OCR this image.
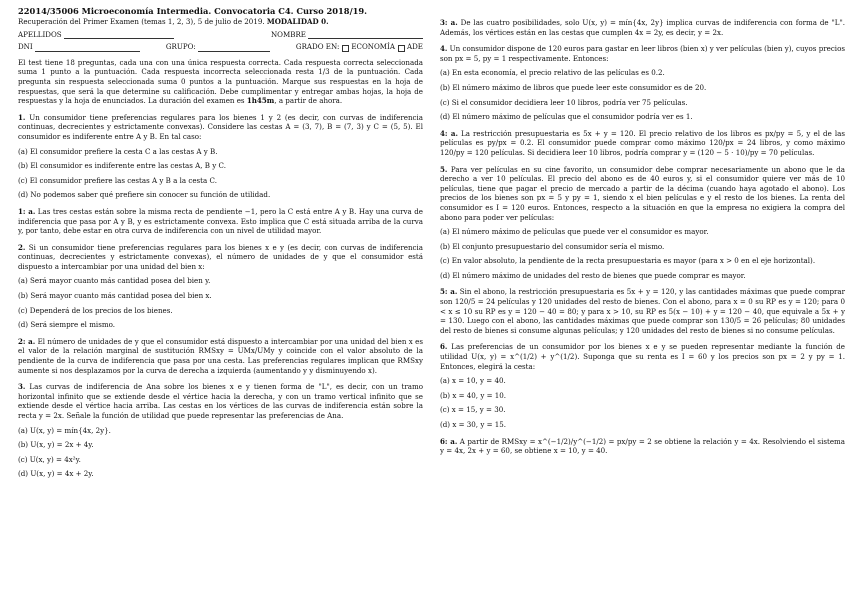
22014/35006 Microeconomía Intermedia. Convocatoria C4. Curso 2018/19.
Recuperación del Primer Examen (temas 1, 2, 3), 5 de julio de 2019. MODALIDAD 0.
APELLIDOS	NOMBRE
DNI	GRUPO:	GRADO EN: ECONOMÍA ADE

El test tiene 18 preguntas, cada una con una única respuesta correcta. Cada respuesta correcta seleccionada suma 1 punto a la puntuación. Cada respuesta incorrecta seleccionada resta 1/3 de la puntuación. Cada pregunta sin respuesta seleccionada suma 0 puntos a la puntuación. Marque sus respuestas en la hoja de respuestas, que será la que determine su calificación. Debe cumplimentar y entregar ambas hojas, la hoja de respuestas y la hoja de enunciados. La duración del examen es 1h45m, a partir de ahora.

1. Un consumidor tiene preferencias regulares para los bienes 1 y 2 (es decir, con curvas de indiferencia continuas, decrecientes y estrictamente convexas). Considere las cestas A = (3, 7), B = (7, 3) y C = (5, 5). El consumidor es indiferente entre A y B. En tal caso:

(a) El consumidor prefiere la cesta C a las cestas A y B.
(b) El consumidor es indiferente entre las cestas A, B y C.
(c) El consumidor prefiere las cestas A y B a la cesta C.
(d) No podemos saber qué prefiere sin conocer su función de utilidad.

1: a. Las tres cestas están sobre la misma recta de pendiente −1, pero la C está entre A y B. Hay una curva de indiferencia que pasa por A y B, y es estrictamente convexa. Esto implica que C está situada arriba de la curva y, por tanto, debe estar en otra curva de indiferencia con un nivel de utilidad mayor.

2. Si un consumidor tiene preferencias regulares para los bienes x e y (es decir, con curvas de indiferencia continuas, decrecientes y estrictamente convexas), el número de unidades de y que el consumidor está dispuesto a intercambiar por una unidad del bien x:

(a) Será mayor cuanto más cantidad posea del bien y.
(b) Será mayor cuanto más cantidad posea del bien x.
(c) Dependerá de los precios de los bienes.
(d) Será siempre el mismo.

2: a. El número de unidades de y que el consumidor está dispuesto a intercambiar por una unidad del bien x es el valor de la relación marginal de sustitución RMSxy = UMx/UMy y coincide con el valor absoluto de la pendiente de la curva de indiferencia que pasa por una cesta. Las preferencias regulares implican que RMSxy aumente si nos desplazamos por la curva de derecha a izquierda (aumentando y y disminuyendo x).

3. Las curvas de indiferencia de Ana sobre los bienes x e y tienen forma de "L", es decir, con un tramo horizontal infinito que se extiende desde el vértice hacia la derecha, y con un tramo vertical infinito que se extiende desde el vértice hacia arriba. Las cestas en los vértices de las curvas de indiferencia están sobre la recta y = 2x. Señale la función de utilidad que puede representar las preferencias de Ana.

(a) U(x, y) = mín{4x, 2y}.
(b) U(x, y) = 2x + 4y.
(c) U(x, y) = 4x²y.
(d) U(x, y) = 4x + 2y.

3: a. De las cuatro posibilidades, solo U(x, y) = mín{4x, 2y} implica curvas de indiferencia con forma de "L". Además, los vértices están en las cestas que cumplen 4x = 2y, es decir, y = 2x.

4. Un consumidor dispone de 120 euros para gastar en leer libros (bien x) y ver películas (bien y), cuyos precios son px = 5, py = 1 respectivamente. Entonces:

(a) En esta economía, el precio relativo de las películas es 0.2.
(b) El número máximo de libros que puede leer este consumidor es de 20.
(c) Si el consumidor decidiera leer 10 libros, podría ver 75 películas.
(d) El número máximo de películas que el consumidor podría ver es 1.

4: a. La restricción presupuestaria es 5x + y = 120. El precio relativo de los libros es px/py = 5, y el de las películas es py/px = 0.2. El consumidor puede comprar como máximo 120/px = 24 libros, y como máximo 120/py = 120 películas. Si decidiera leer 10 libros, podría comprar y = (120 − 5 · 10)/py = 70 películas.

5. Para ver películas en su cine favorito, un consumidor debe comprar necesariamente un abono que le da derecho a ver 10 películas. El precio del abono es de 40 euros y, si el consumidor quiere ver más de 10 películas, tiene que pagar el precio de mercado a partir de la décima (cuando haya agotado el abono). Los precios de los bienes son px = 5 y py = 1, siendo x el bien películas e y el resto de los bienes. La renta del consumidor es I = 120 euros. Entonces, respecto a la situación en que la empresa no exigiera la compra del abono para poder ver películas:

(a) El número máximo de películas que puede ver el consumidor es mayor.
(b) El conjunto presupuestario del consumidor sería el mismo.
(c) En valor absoluto, la pendiente de la recta presupuestaria es mayor (para x > 0 en el eje horizontal).
(d) El número máximo de unidades del resto de bienes que puede comprar es mayor.

5: a. Sin el abono, la restricción presupuestaria es 5x + y = 120, y las cantidades máximas que puede comprar son 120/5 = 24 películas y 120 unidades del resto de bienes. Con el abono, para x = 0 su RP es y = 120; para 0 < x ≤ 10 su RP es y = 120 − 40 = 80; y para x > 10, su RP es 5(x − 10) + y = 120 − 40, que equivale a 5x + y = 130. Luego con el abono, las cantidades máximas que puede comprar son 130/5 = 26 películas; 80 unidades del resto de bienes si consume algunas películas; y 120 unidades del resto de bienes si no consume películas.

6. Las preferencias de un consumidor por los bienes x e y se pueden representar mediante la función de utilidad U(x, y) = x^(1/2) + y^(1/2). Suponga que su renta es I = 60 y los precios son px = 2 y py = 1. Entonces, elegirá la cesta:

(a) x = 10, y = 40.
(b) x = 40, y = 10.
(c) x = 15, y = 30.
(d) x = 30, y = 15.

6: a. A partir de RMSxy = x^(−1/2)/y^(−1/2) = px/py = 2 se obtiene la relación y = 4x. Resolviendo el sistema y = 4x, 2x + y = 60, se obtiene x = 10, y = 40.
